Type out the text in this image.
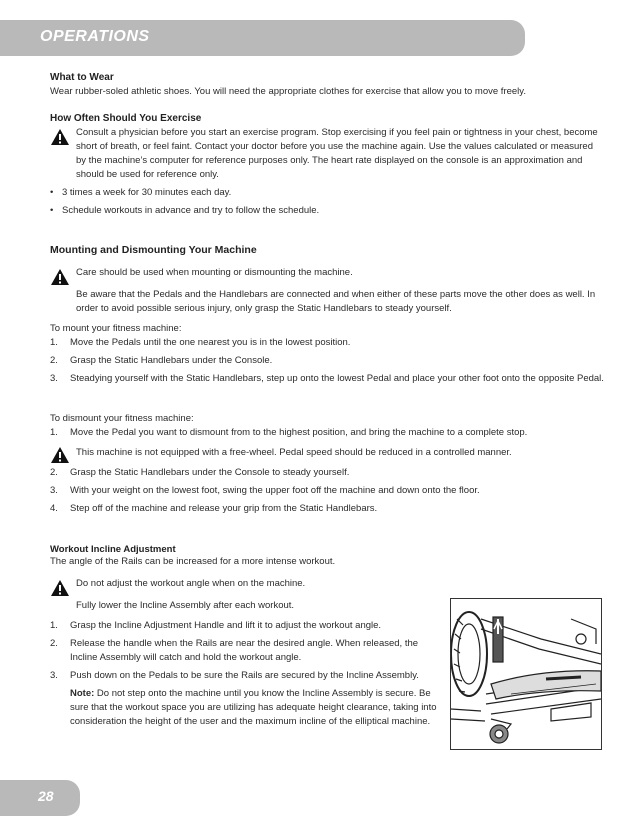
OPERATIONS

What to Wear

Wear rubber-soled athletic shoes. You will need the appropriate clothes for exercise that allow you to move freely.

How Often Should You Exercise

Consult a physician before you start an exercise program. Stop exercising if you feel pain or tightness in your chest, become short of breath, or feel faint. Contact your doctor before you use the machine again. Use the values calculated or measured by the machine’s computer for reference purposes only. The heart rate displayed on the console is an approximation and should be used for reference only.

• 3 times a week for 30 minutes each day.
• Schedule workouts in advance and try to follow the schedule.

Mounting and Dismounting Your Machine

Care should be used when mounting or dismounting the machine.

Be aware that the Pedals and the Handlebars are connected and when either of these parts move the other does as well. In order to avoid possible serious injury, only grasp the Static Handlebars to steady yourself.

To mount your fitness machine:

1. Move the Pedals until the one nearest you is in the lowest position.
2. Grasp the Static Handlebars under the Console.
3. Steadying yourself with the Static Handlebars, step up onto the lowest Pedal and place your other foot onto the opposite Pedal.

To dismount your fitness machine:

1. Move the Pedal you want to dismount from to the highest position, and bring the machine to a complete stop.

This machine is not equipped with a free-wheel. Pedal speed should be reduced in a controlled manner.

2. Grasp the Static Handlebars under the Console to steady yourself.
3. With your weight on the lowest foot, swing the upper foot off the machine and down onto the floor.
4. Step off of the machine and release your grip from the Static Handlebars.

Workout Incline Adjustment

The angle of the Rails can be increased for a more intense workout.

Do not adjust the workout angle when on the machine.

Fully lower the Incline Assembly after each workout.

1. Grasp the Incline Adjustment Handle and lift it to adjust the workout angle.
2. Release the handle when the Rails are near the desired angle. When released, the Incline Assembly will catch and hold the workout angle.
3. Push down on the Pedals to be sure the Rails are secured by the Incline Assembly.
Note: Do not step onto the machine until you know the Incline Assembly is secure. Be sure that the workout space you are utilizing has adequate height clearance, taking into consideration the height of the user and the maximum incline of the elliptical machine.
28
